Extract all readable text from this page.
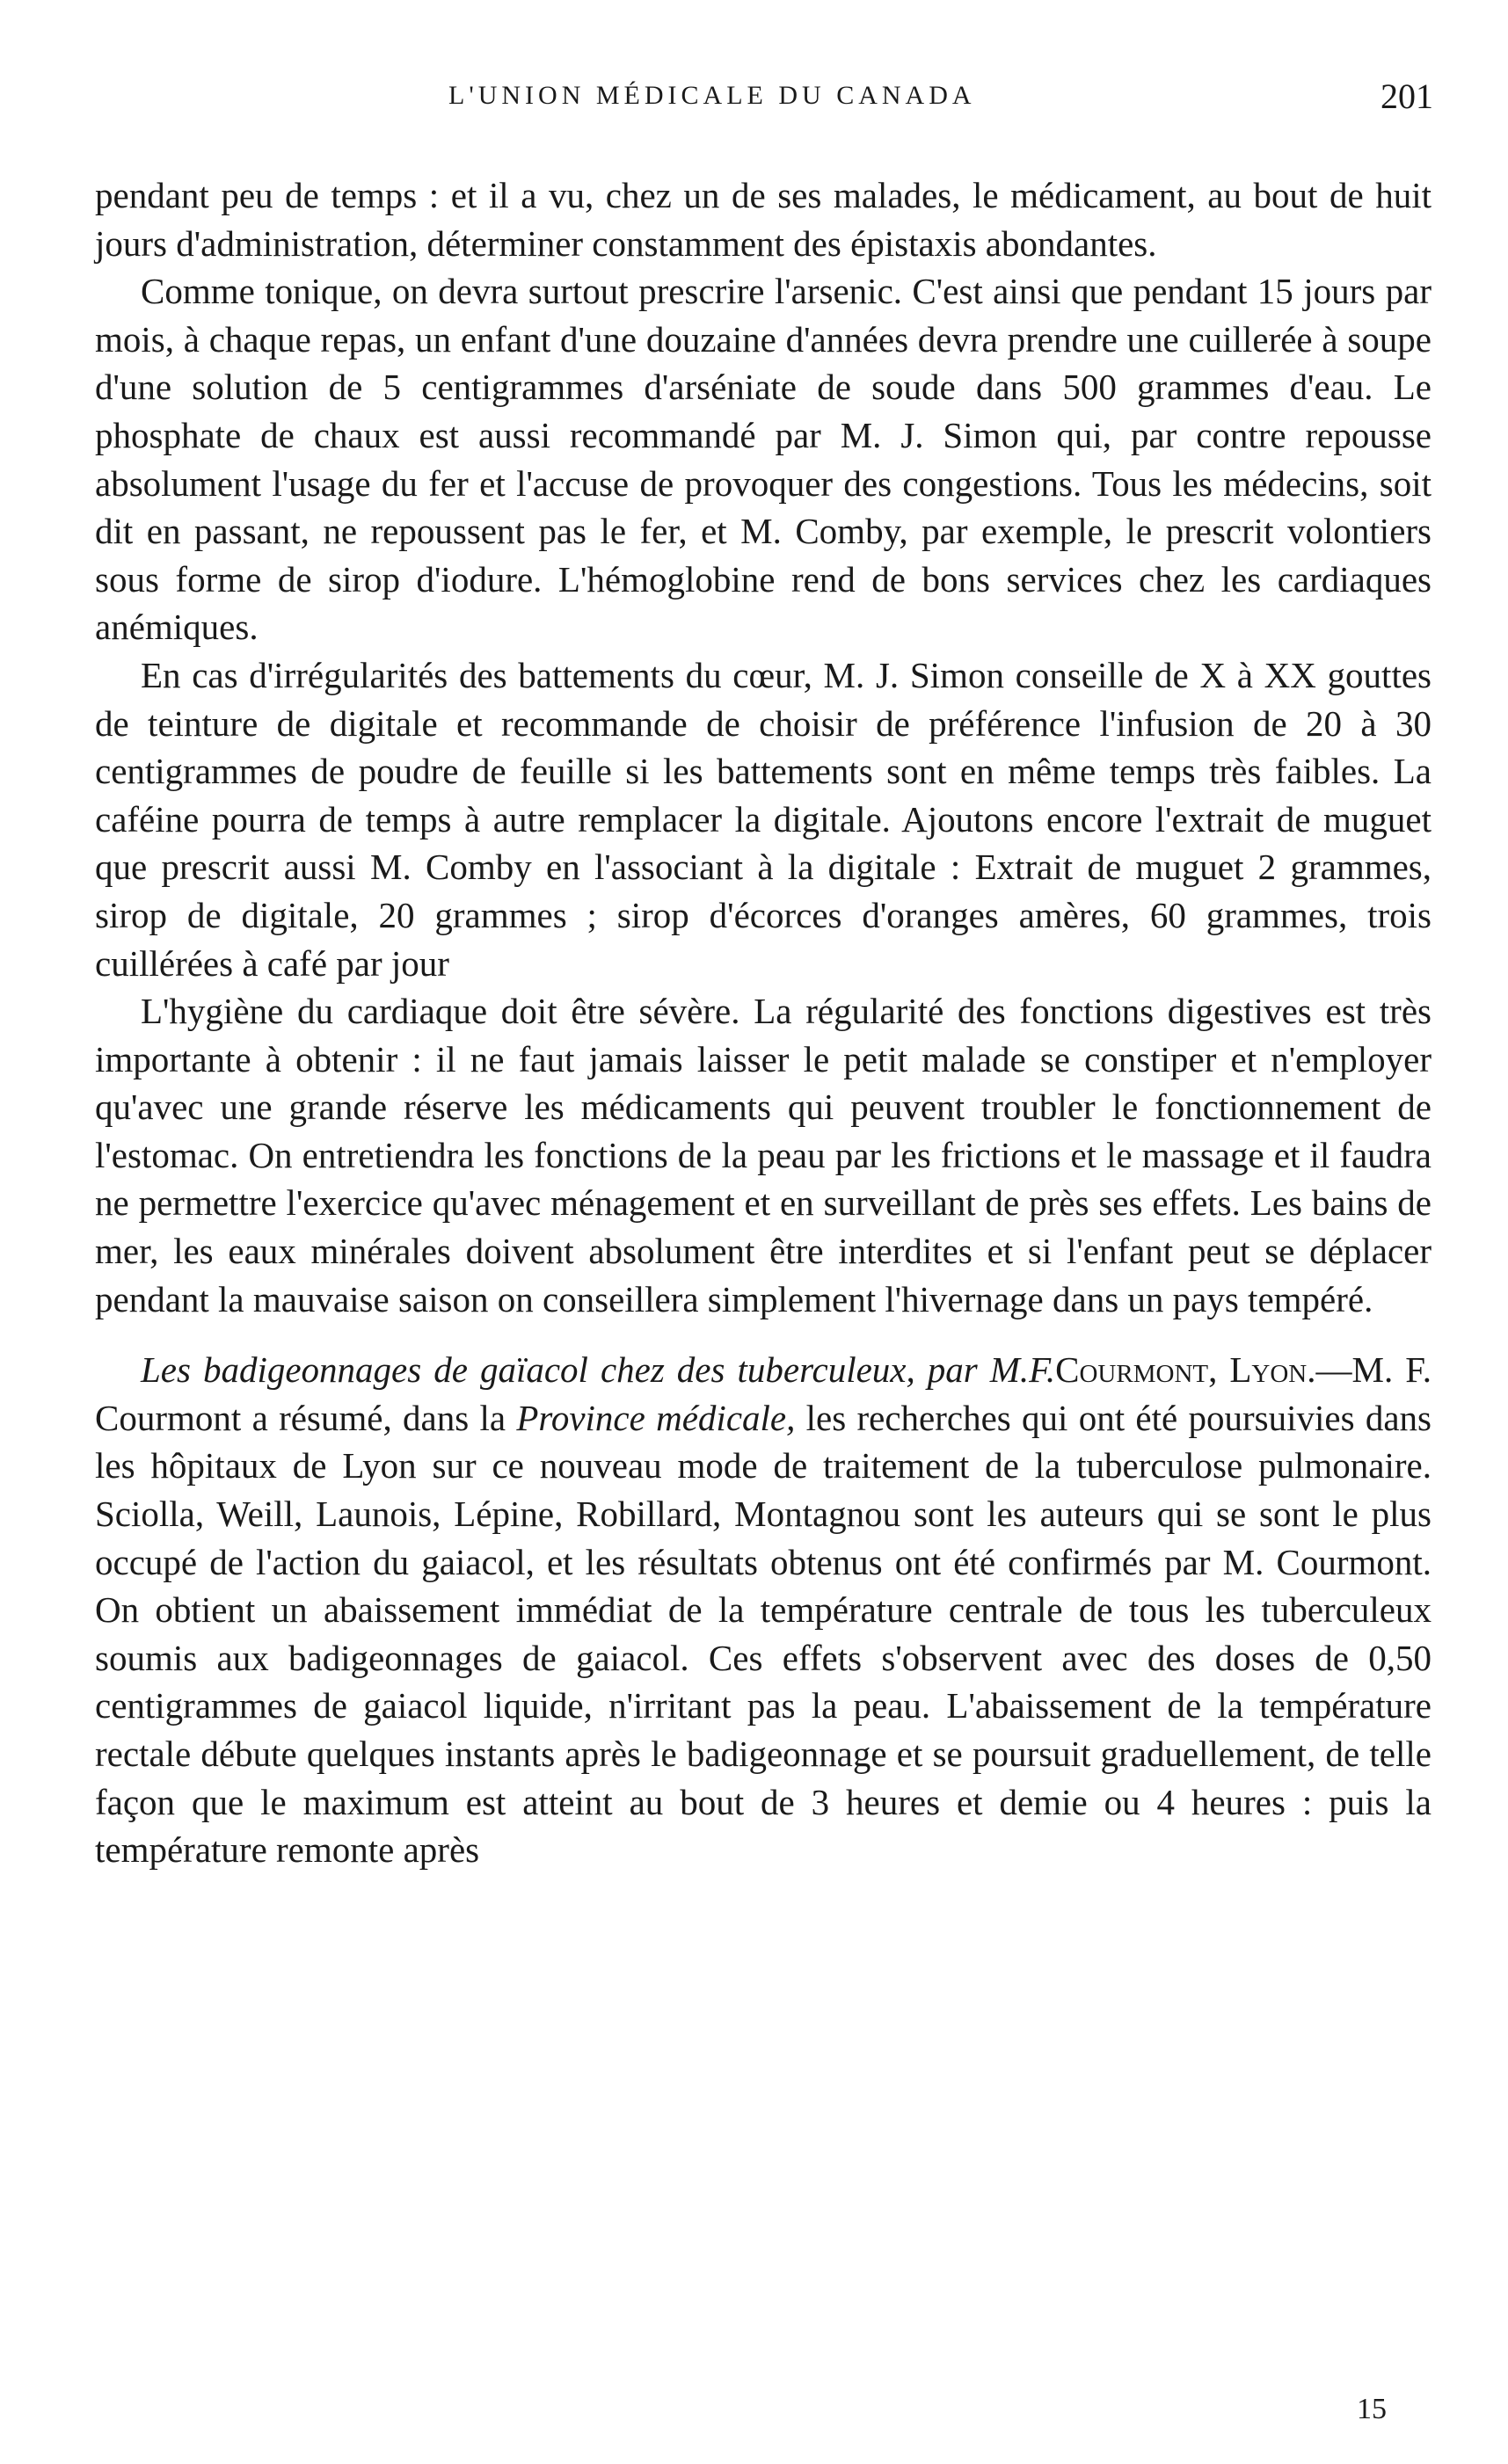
L'UNION MÉDICALE DU CANADA	201

pendant peu de temps : et il a vu, chez un de ses malades, le médicament, au bout de huit jours d'administration, déterminer constamment des épistaxis abondantes.

Comme tonique, on devra surtout prescrire l'arsenic. C'est ainsi que pendant 15 jours par mois, à chaque repas, un enfant d'une douzaine d'années devra prendre une cuillerée à soupe d'une solution de 5 centigrammes d'arséniate de soude dans 500 grammes d'eau. Le phosphate de chaux est aussi recommandé par M. J. Simon qui, par contre repousse absolument l'usage du fer et l'accuse de provoquer des congestions. Tous les médecins, soit dit en passant, ne repoussent pas le fer, et M. Comby, par exemple, le prescrit volontiers sous forme de sirop d'iodure. L'hémoglobine rend de bons services chez les cardiaques anémiques.

En cas d'irrégularités des battements du cœur, M. J. Simon conseille de X à XX gouttes de teinture de digitale et recommande de choisir de préférence l'infusion de 20 à 30 centigrammes de poudre de feuille si les battements sont en même temps très faibles. La caféine pourra de temps à autre remplacer la digitale. Ajoutons encore l'extrait de muguet que prescrit aussi M. Comby en l'associant à la digitale : Extrait de muguet 2 grammes, sirop de digitale, 20 grammes ; sirop d'écorces d'oranges amères, 60 grammes, trois cuillérées à café par jour

L'hygiène du cardiaque doit être sévère. La régularité des fonctions digestives est très importante à obtenir : il ne faut jamais laisser le petit malade se constiper et n'employer qu'avec une grande réserve les médicaments qui peuvent troubler le fonctionnement de l'estomac. On entretiendra les fonctions de la peau par les frictions et le massage et il faudra ne permettre l'exercice qu'avec ménagement et en surveillant de près ses effets. Les bains de mer, les eaux minérales doivent absolument être interdites et si l'enfant peut se déplacer pendant la mauvaise saison on conseillera simplement l'hivernage dans un pays tempéré.

Les badigeonnages de gaïacol chez des tuberculeux, par M.F.Courmont, Lyon.—M. F. Courmont a résumé, dans la Province médicale, les recherches qui ont été poursuivies dans les hôpitaux de Lyon sur ce nouveau mode de traitement de la tuberculose pulmonaire. Sciolla, Weill, Launois, Lépine, Robillard, Montagnou sont les auteurs qui se sont le plus occupé de l'action du gaiacol, et les résultats obtenus ont été confirmés par M. Courmont. On obtient un abaissement immédiat de la température centrale de tous les tuberculeux soumis aux badigeonnages de gaiacol. Ces effets s'observent avec des doses de 0,50 centigrammes de gaiacol liquide, n'irritant pas la peau. L'abaissement de la température rectale débute quelques instants après le badigeonnage et se poursuit graduellement, de telle façon que le maximum est atteint au bout de 3 heures et demie ou 4 heures : puis la température remonte après

15
